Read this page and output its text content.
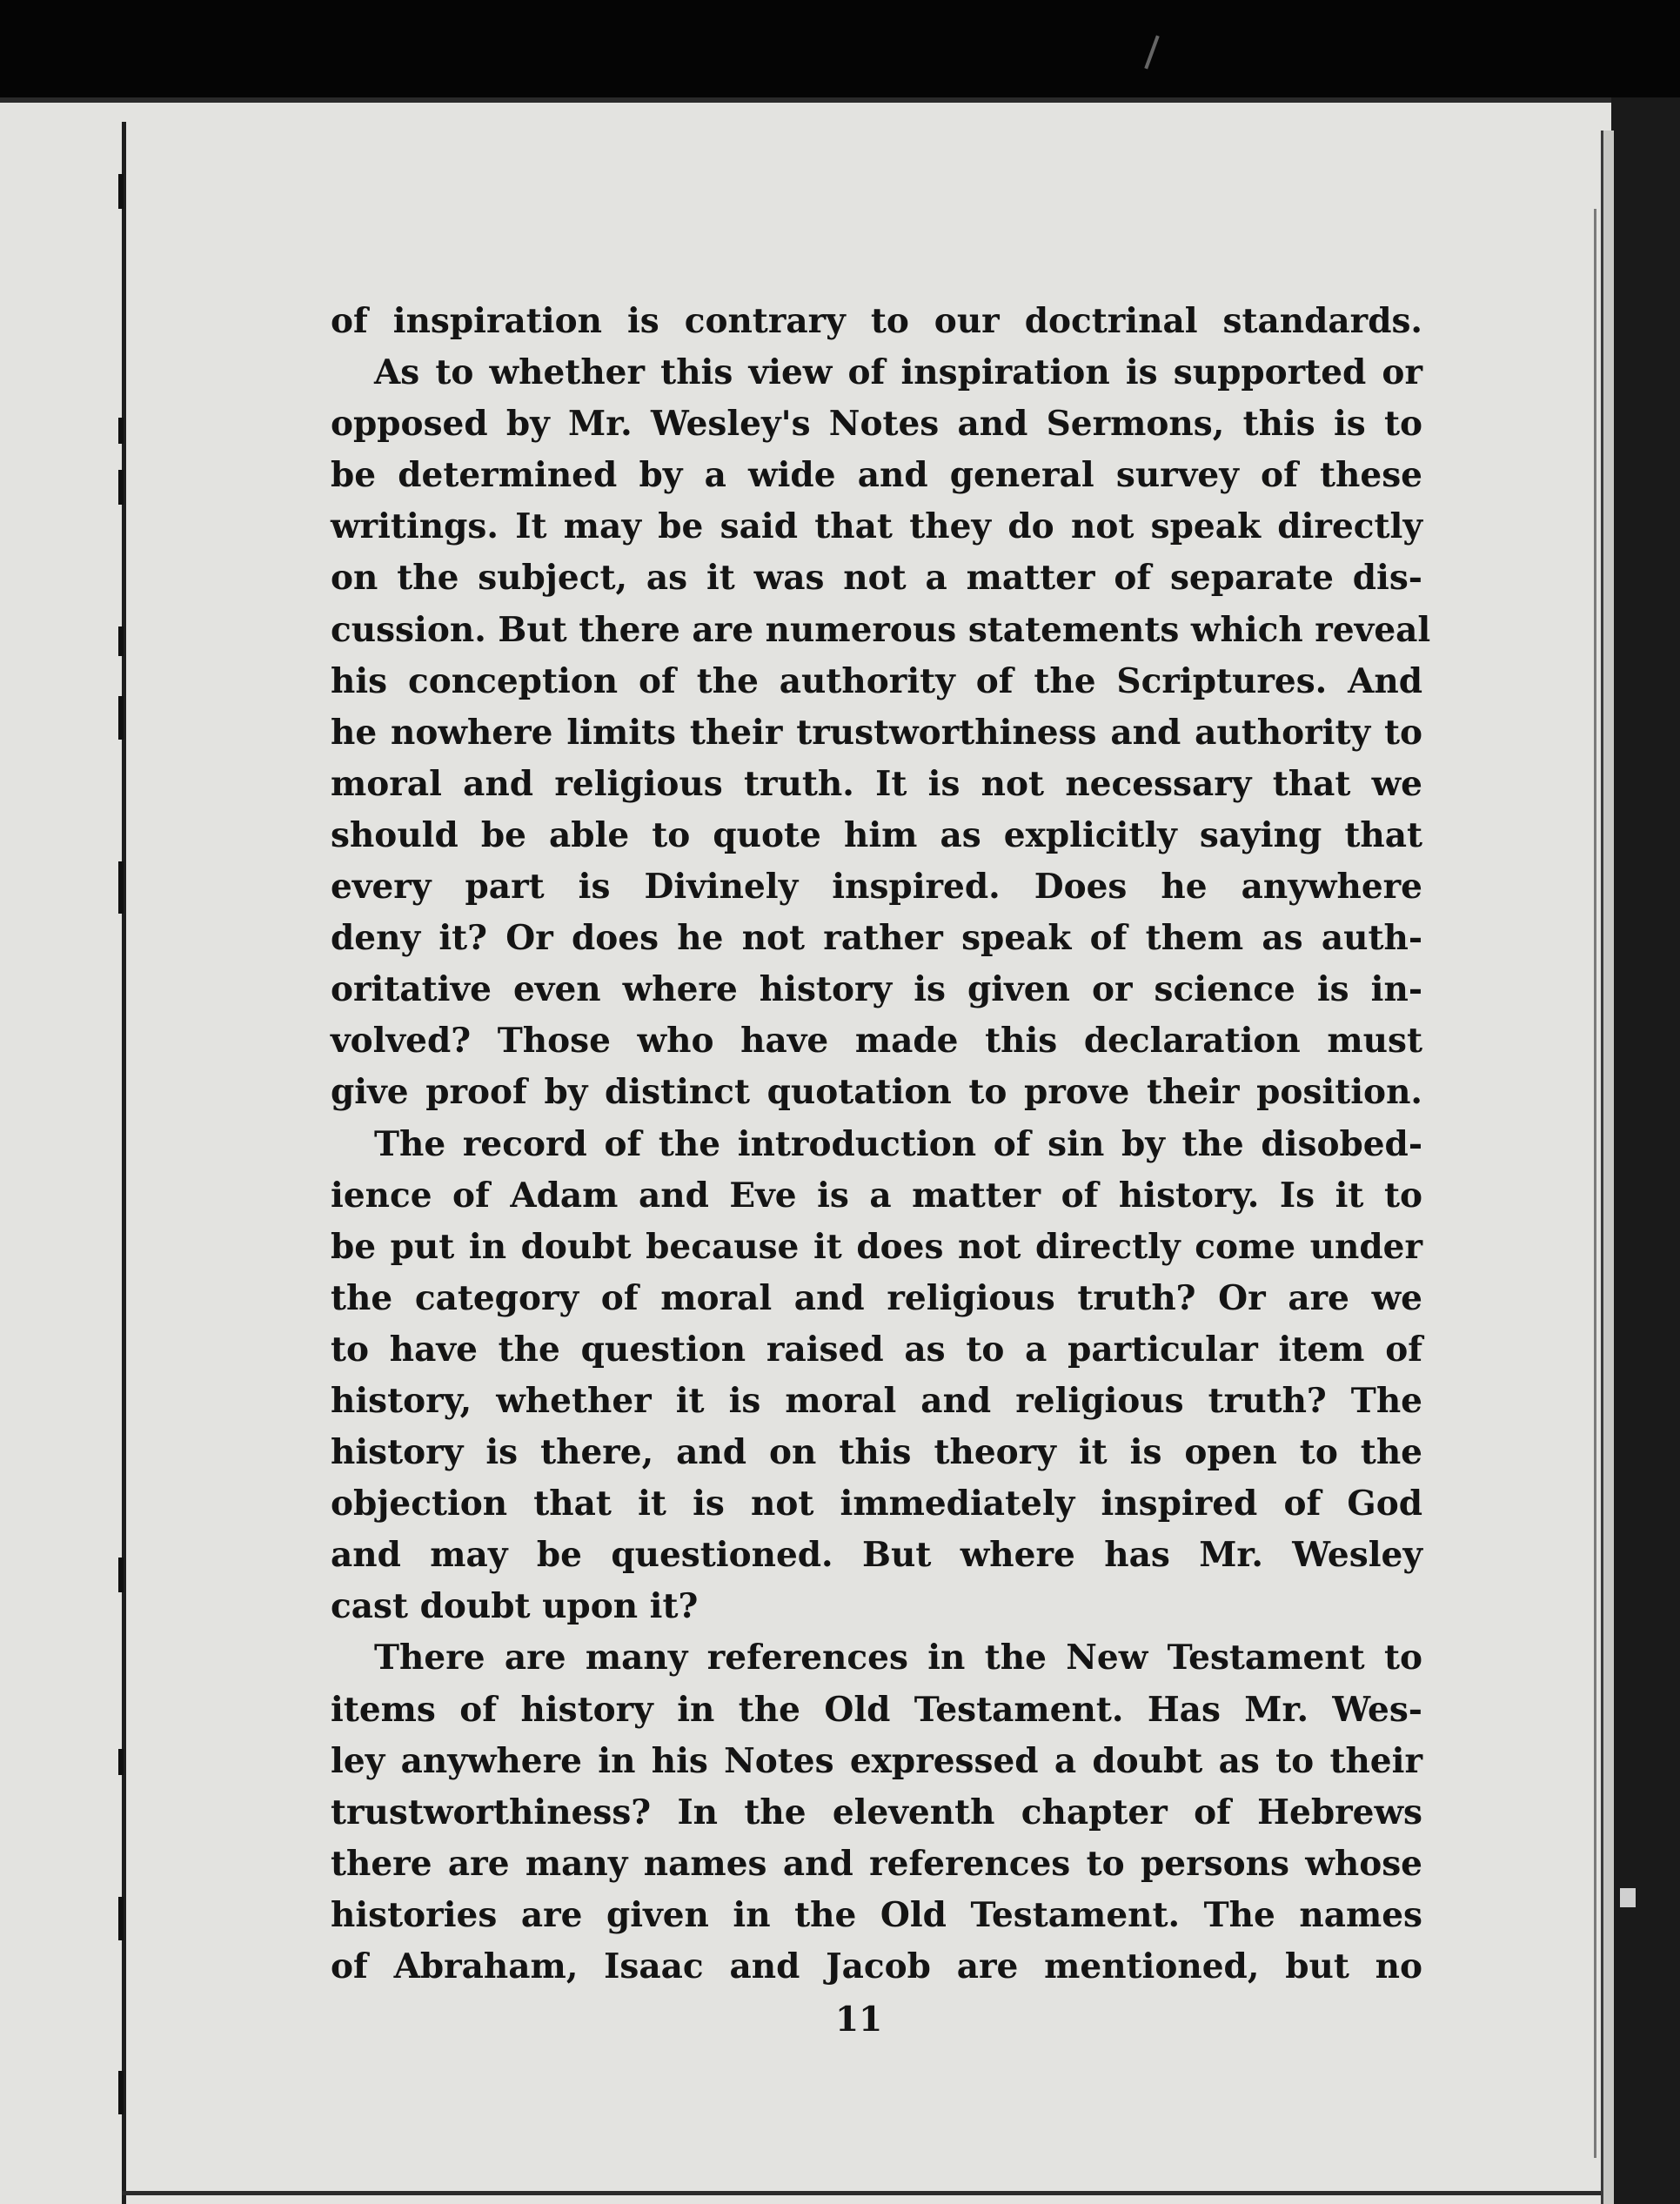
of inspiration is contrary to our doctrinal standards.
As to whether this view of inspiration is supported or
opposed by Mr. Wesley's Notes and Sermons, this is to
be determined by a wide and general survey of these
writings. It may be said that they do not speak directly
on the subject, as it was not a matter of separate dis-
cussion. But there are numerous statements which reveal
his conception of the authority of the Scriptures. And
he nowhere limits their trustworthiness and authority to
moral and religious truth. It is not necessary that we
should be able to quote him as explicitly saying that
every part is Divinely inspired. Does he anywhere
deny it? Or does he not rather speak of them as auth-
oritative even where history is given or science is in-
volved? Those who have made this declaration must
give proof by distinct quotation to prove their position.
The record of the introduction of sin by the disobed-
ience of Adam and Eve is a matter of history. Is it to
be put in doubt because it does not directly come under
the category of moral and religious truth? Or are we
to have the question raised as to a particular item of
history, whether it is moral and religious truth? The
history is there, and on this theory it is open to the
objection that it is not immediately inspired of God
and may be questioned. But where has Mr. Wesley
cast doubt upon it?
There are many references in the New Testament to
items of history in the Old Testament. Has Mr. Wes-
ley anywhere in his Notes expressed a doubt as to their
trustworthiness? In the eleventh chapter of Hebrews
there are many names and references to persons whose
histories are given in the Old Testament. The names
of Abraham, Isaac and Jacob are mentioned, but no
11
